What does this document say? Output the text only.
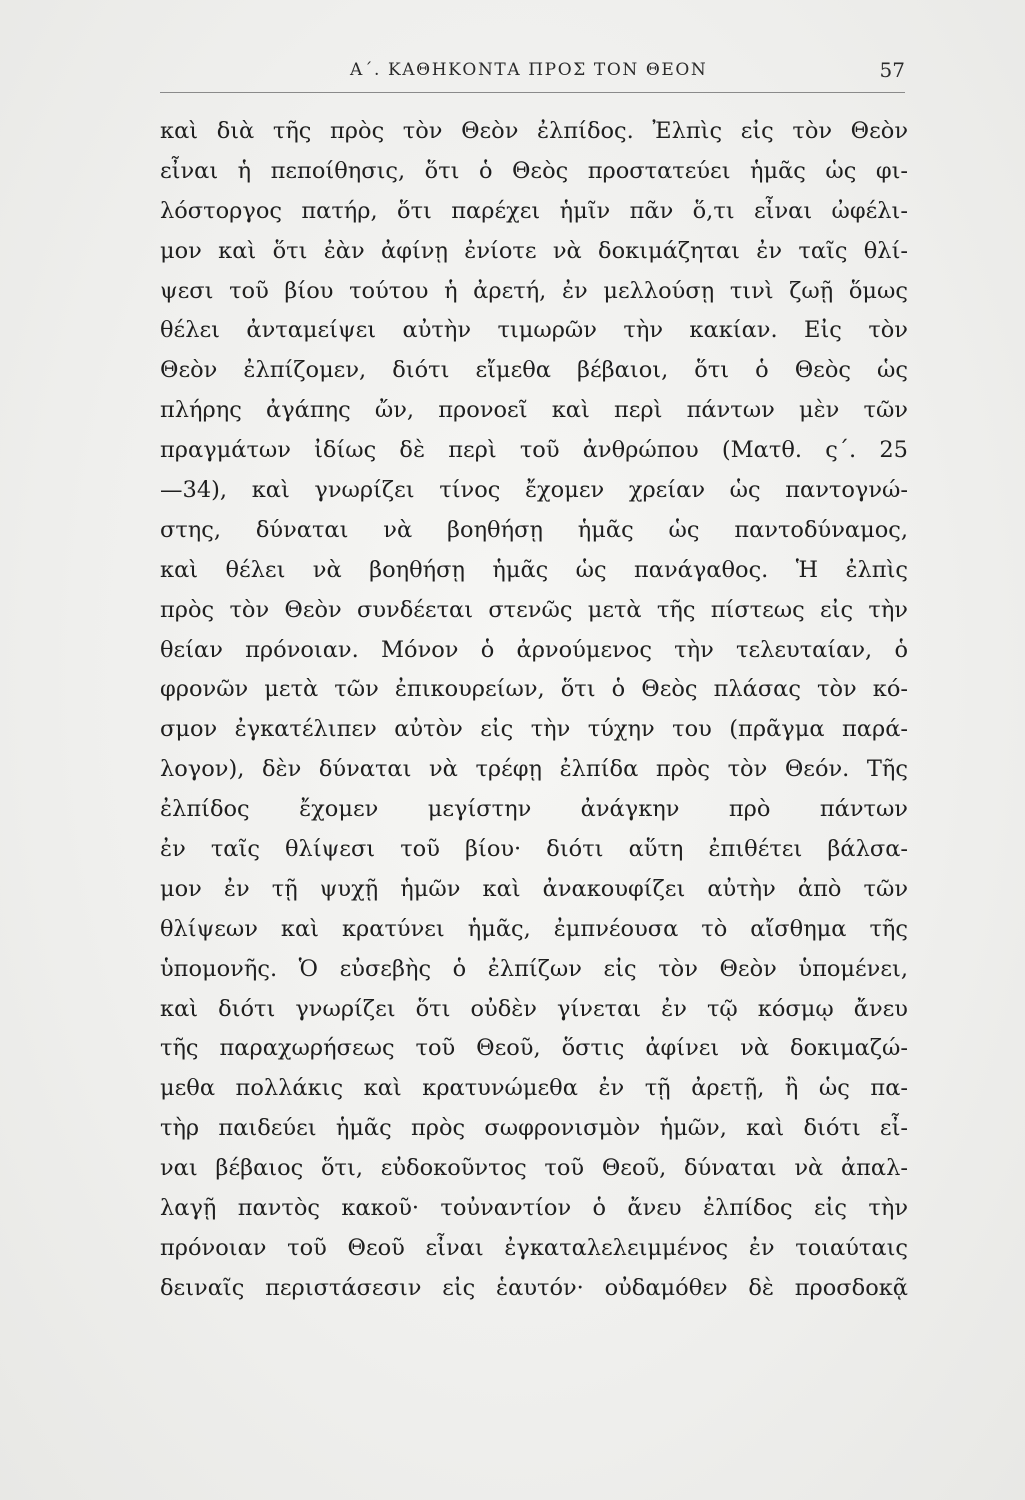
Α΄. ΚΑΘΗΚΟΝΤΑ ΠΡΟΣ ΤΟΝ ΘΕΟΝ	57
καὶ διὰ τῆς πρὸς τὸν Θεὸν ἐλπίδος. Ἐλπὶς εἰς τὸν Θεὸν
εἶναι ἡ πεποίθησις, ὅτι ὁ Θεὸς προστατεύει ἡμᾶς ὡς φι-
λόστοργος πατήρ, ὅτι παρέχει ἡμῖν πᾶν ὅ,τι εἶναι ὠφέλι-
μον καὶ ὅτι ἐὰν ἀφίνῃ ἐνίοτε νὰ δοκιμάζηται ἐν ταῖς θλί-
ψεσι τοῦ βίου τούτου ἡ ἀρετή, ἐν μελλούσῃ τινὶ ζωῇ ὅμως
θέλει ἀνταμείψει αὐτὴν τιμωρῶν τὴν κακίαν. Εἰς τὸν
Θεὸν ἐλπίζομεν, διότι εἴμεθα βέβαιοι, ὅτι ὁ Θεὸς ὡς
πλήρης ἀγάπης ὤν, προνοεῖ καὶ περὶ πάντων μὲν τῶν
πραγμάτων ἰδίως δὲ περὶ τοῦ ἀνθρώπου (Ματθ. ς΄. 25
—34), καὶ γνωρίζει τίνος ἔχομεν χρείαν ὡς παντογνώ-
στης, δύναται νὰ βοηθήσῃ ἡμᾶς ὡς παντοδύναμος,
καὶ θέλει νὰ βοηθήσῃ ἡμᾶς ὡς πανάγαθος. Ἡ ἐλπὶς
πρὸς τὸν Θεὸν συνδέεται στενῶς μετὰ τῆς πίστεως εἰς τὴν
θείαν πρόνοιαν. Μόνον ὁ ἀρνούμενος τὴν τελευταίαν, ὁ
φρονῶν μετὰ τῶν ἐπικουρείων, ὅτι ὁ Θεὸς πλάσας τὸν κό-
σμον ἐγκατέλιπεν αὐτὸν εἰς τὴν τύχην του (πρᾶγμα παρά-
λογον), δὲν δύναται νὰ τρέφῃ ἐλπίδα πρὸς τὸν Θεόν. Τῆς
ἐλπίδος ἔχομεν μεγίστην ἀνάγκην πρὸ πάντων
ἐν ταῖς θλίψεσι τοῦ βίου· διότι αὕτη ἐπιθέτει βάλσα-
μον ἐν τῇ ψυχῇ ἡμῶν καὶ ἀνακουφίζει αὐτὴν ἀπὸ τῶν
θλίψεων καὶ κρατύνει ἡμᾶς, ἐμπνέουσα τὸ αἴσθημα τῆς
ὑπομονῆς. Ὁ εὐσεβὴς ὁ ἐλπίζων εἰς τὸν Θεὸν ὑπομένει,
καὶ διότι γνωρίζει ὅτι οὐδὲν γίνεται ἐν τῷ κόσμῳ ἄνευ
τῆς παραχωρήσεως τοῦ Θεοῦ, ὅστις ἀφίνει νὰ δοκιμαζώ-
μεθα πολλάκις καὶ κρατυνώμεθα ἐν τῇ ἀρετῇ, ἢ ὡς πα-
τὴρ παιδεύει ἡμᾶς πρὸς σωφρονισμὸν ἡμῶν, καὶ διότι εἶ-
ναι βέβαιος ὅτι, εὐδοκοῦντος τοῦ Θεοῦ, δύναται νὰ ἀπαλ-
λαγῇ παντὸς κακοῦ· τοὐναντίον ὁ ἄνευ ἐλπίδος εἰς τὴν
πρόνοιαν τοῦ Θεοῦ εἶναι ἐγκαταλελειμμένος ἐν τοιαύταις
δειναῖς περιστάσεσιν εἰς ἑαυτόν· οὐδαμόθεν δὲ προσδοκᾷ
